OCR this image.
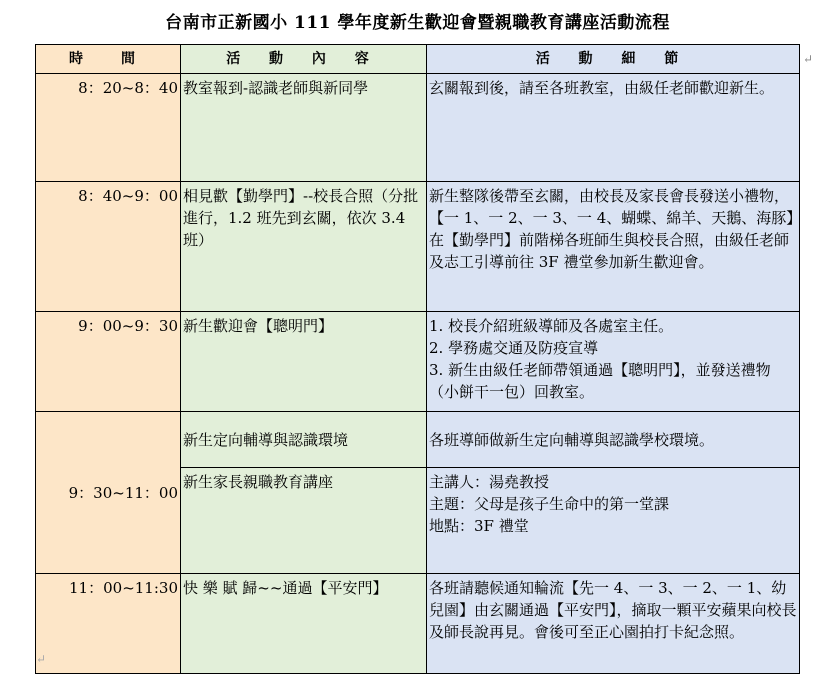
台南市正新國小 111 學年度新生歡迎會暨親職教育講座活動流程
↵
時　間	活 動 內 容	活 動 細 節
8：20~8：40	教室報到-認識老師與新同學	玄關報到後，請至各班教室，由級任老師歡迎新生。
8：40~9：00	相見歡【勤學門】--校長合照（分批進行，1.2 班先到玄關，依次 3.4 班）	新生整隊後帶至玄關，由校長及家長會長發送小禮物，【一 1、一 2、一 3、一 4、蝴蝶、綿羊、天鵝、海豚】在【勤學門】前階梯各班師生與校長合照，由級任老師及志工引導前往 3F 禮堂參加新生歡迎會。
9：00~9：30	新生歡迎會【聰明門】	1. 校長介紹班級導師及各處室主任。
2. 學務處交通及防疫宣導
3. 新生由級任老師帶領通過【聰明門】，並發送禮物（小餅干一包）回教室。

9：30~11：00	新生定向輔導與認識環境	各班導師做新生定向輔導與認識學校環境。
	新生家長親職教育講座	主講人：湯堯教授
主題：父母是孩子生命中的第一堂課
地點：3F 禮堂

11：00~11:30	快 樂 賦 歸~~通過【平安門】	各班請聽候通知輪流【先一 4、一 3、一 2、一 1、幼兒園】由玄關通過【平安門】，摘取一顆平安蘋果向校長及師長說再見。會後可至正心園拍打卡紀念照。
↵
